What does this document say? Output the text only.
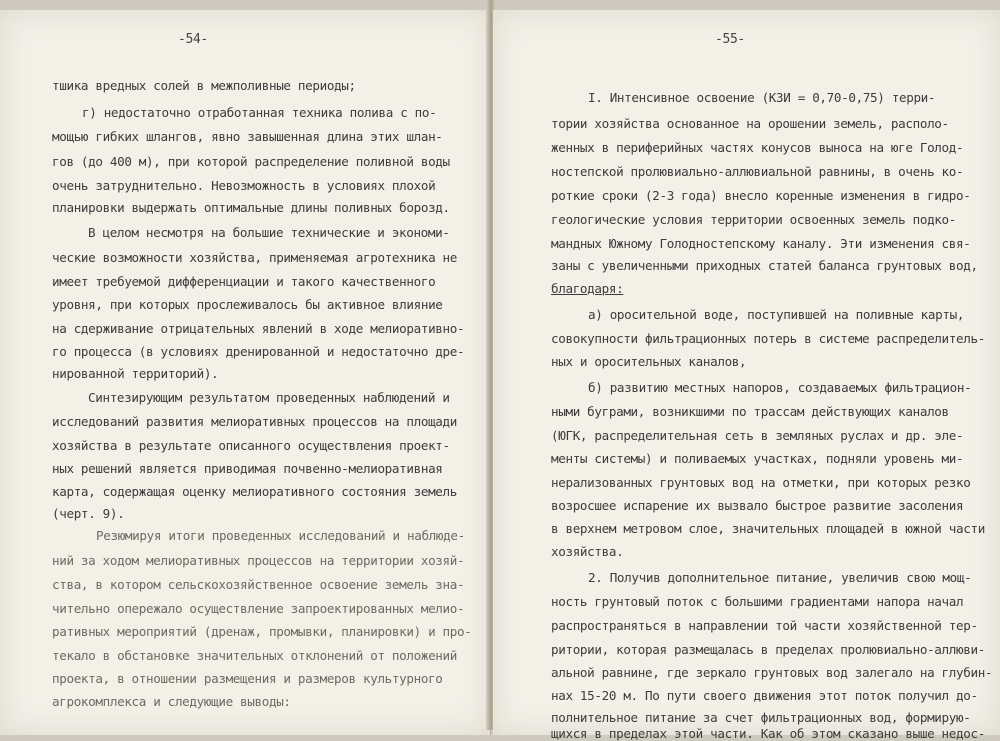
-54-
тшика вредных солей в межполивные периоды;
г) недостаточно отработанная техника полива с по-
мощью гибких шлангов, явно завышенная длина этих шлан-
гов (до 400 м), при которой распределение поливной воды
очень затруднительно. Невозможность в условиях плохой
планировки выдержать оптимальные длины поливных борозд.
В целом несмотря на большие технические и экономи-
ческие возможности хозяйства, применяемая агротехника не
имеет требуемой дифференциации и такого качественного
уровня, при которых прослеживалось бы активное влияние
на сдерживание отрицательных явлений в ходе мелиоративно-
го процесса (в условиях дренированной и недостаточно дре-
нированной территорий).
Синтезирующим результатом проведенных наблюдений и
исследований развития мелиоративных процессов на площади
хозяйства в результате описанного осуществления проект-
ных решений является приводимая почвенно-мелиоративная
карта, содержащая оценку мелиоративного состояния земель
(черт. 9).
Резюмируя итоги проведенных исследований и наблюде-
ний за ходом мелиоративных процессов на территории хозяй-
ства, в котором сельскохозяйственное освоение земель зна-
чительно опережало осуществление запроектированных мелио-
ративных мероприятий (дренаж, промывки, планировки) и про-
текало в обстановке значительных отклонений от положений
проекта, в отношении размещения и размеров культурного
агрокомплекса и следующие выводы:
-55-
I. Интенсивное освоение (КЗИ = 0,70-0,75) терри-
тории хозяйства основанное на орошении земель, располо-
женных в периферийных частях конусов выноса на юге Голод-
ностепской пролювиально-аллювиальной равнины, в очень ко-
роткие сроки (2-3 года) внесло коренные изменения в гидро-
геологические условия территории освоенных земель подко-
мандных Южному Голодностепскому каналу. Эти изменения свя-
заны с увеличенными приходных статей баланса грунтовых вод,
благодаря:
а) оросительной воде, поступившей на поливные карты,
совокупности фильтрационных потерь в системе распределитель-
ных и оросительных каналов,
б) развитию местных напоров, создаваемых фильтрацион-
ными буграми, возникшими по трассам действующих каналов
(ЮГК, распределительная сеть в земляных руслах и др. эле-
менты системы) и поливаемых участках, подняли уровень ми-
нерализованных грунтовых вод на отметки, при которых резко
возросшее испарение их вызвало быстрое развитие засоления
в верхнем метровом слое, значительных площадей в южной части
хозяйства.
2. Получив дополнительное питание, увеличив свою мощ-
ность грунтовый поток с большими градиентами напора начал
распространяться в направлении той части хозяйственной тер-
ритории, которая размещалась в пределах пролювиально-аллюви-
альной равнине, где зеркало грунтовых вод залегало на глубин-
нах 15-20 м. По пути своего движения этот поток получил до-
полнительное питание за счет фильтрационных вод, формирую-
щихся в пределах этой части. Как об этом сказано выше недос-
